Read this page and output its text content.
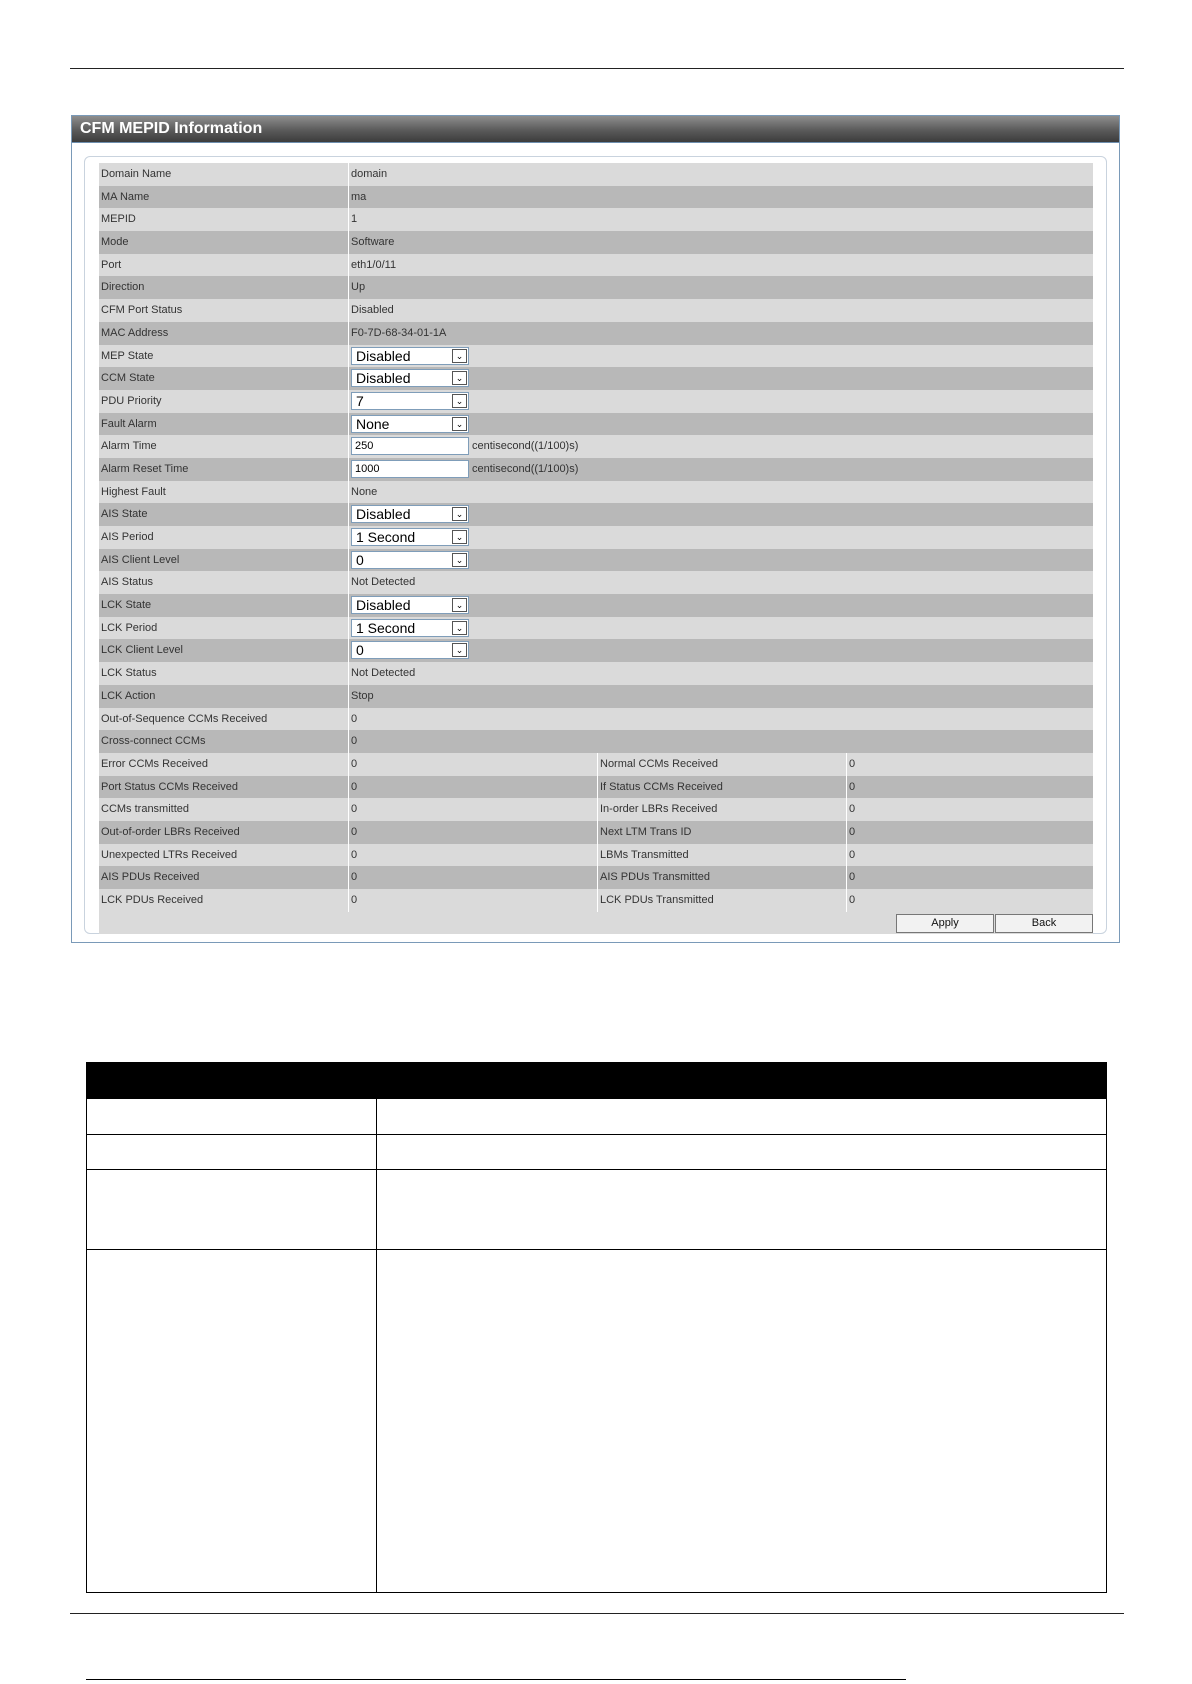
CFM MEPID Information
Domain Name	domain
MA Name	ma
MEPID	1
Mode	Software
Port	eth1/0/11
Direction	Up
CFM Port Status	Disabled
MAC Address	F0-7D-68-34-01-1A
MEP State	Disabled	⌄
CCM State	Disabled	⌄
PDU Priority	7	⌄
Fault Alarm	None	⌄
Alarm Time	250	centisecond((1/100)s)
Alarm Reset Time	1000	centisecond((1/100)s)
Highest Fault	None
AIS State	Disabled	⌄
AIS Period	1 Second	⌄
AIS Client Level	0	⌄
AIS Status	Not Detected
LCK State	Disabled	⌄
LCK Period	1 Second	⌄
LCK Client Level	0	⌄
LCK Status	Not Detected
LCK Action	Stop
Out-of-Sequence CCMs Received	0
Cross-connect CCMs	0
Error CCMs Received	0	Normal CCMs Received	0
Port Status CCMs Received	0	If Status CCMs Received	0
CCMs transmitted	0	In-order LBRs Received	0
Out-of-order LBRs Received	0	Next LTM Trans ID	0
Unexpected LTRs Received	0	LBMs Transmitted	0
AIS PDUs Received	0	AIS PDUs Transmitted	0
LCK PDUs Received	0	LCK PDUs Transmitted	0
Apply	Back
